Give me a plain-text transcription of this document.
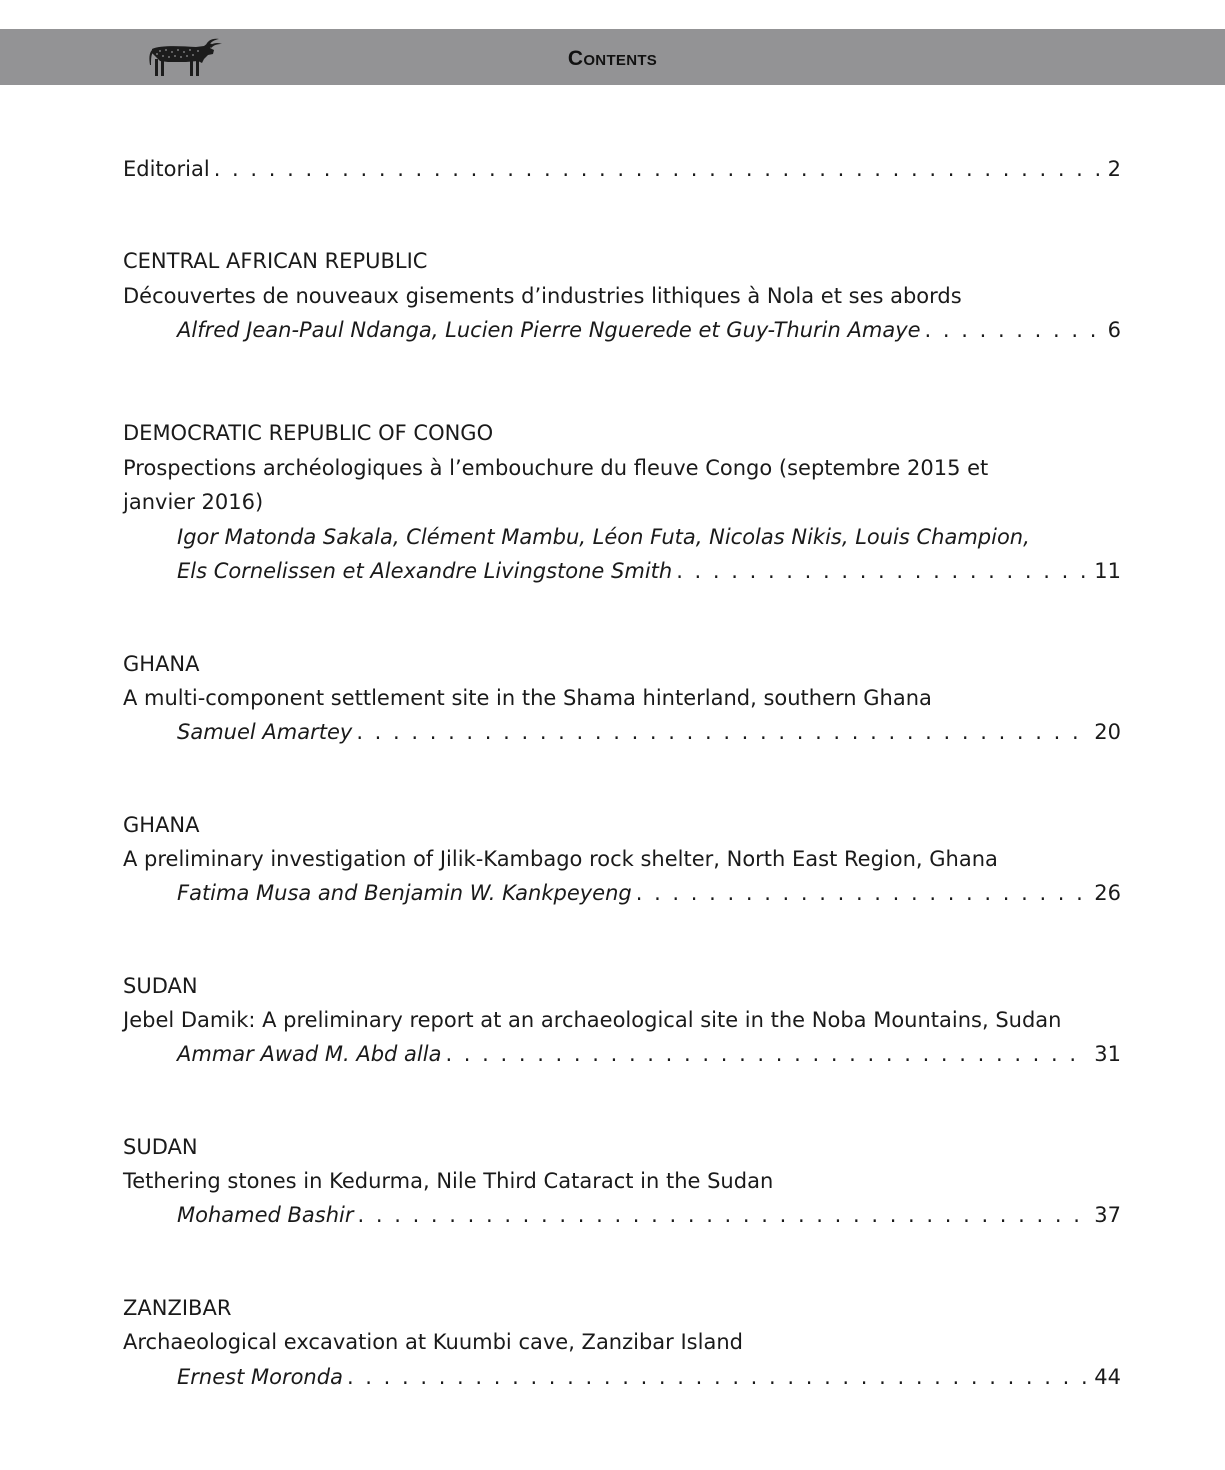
Contents
Editorial . . .	2
CENTRAL AFRICAN REPUBLIC
Découvertes de nouveaux gisements d’industries lithiques à Nola et ses abords
Alfred Jean-Paul Ndanga, Lucien Pierre Nguerede et Guy-Thurin Amaye . . .	6
DEMOCRATIC REPUBLIC OF CONGO
Prospections archéologiques à l’embouchure du fleuve Congo (septembre 2015 et
janvier 2016)
Igor Matonda Sakala, Clément Mambu, Léon Futa, Nicolas Nikis, Louis Champion,
Els Cornelissen et Alexandre Livingstone Smith . . .	11
GHANA
A multi-component settlement site in the Shama hinterland, southern Ghana
Samuel Amartey . . .	20
GHANA
A preliminary investigation of Jilik-Kambago rock shelter, North East Region, Ghana
Fatima Musa and Benjamin W. Kankpeyeng . . .	26
SUDAN
Jebel Damik: A preliminary report at an archaeological site in the Noba Mountains, Sudan
Ammar Awad M. Abd alla . . .	31
SUDAN
Tethering stones in Kedurma, Nile Third Cataract in the Sudan
Mohamed Bashir . . .	37
ZANZIBAR
Archaeological excavation at Kuumbi cave, Zanzibar Island
Ernest Moronda . . .	44
